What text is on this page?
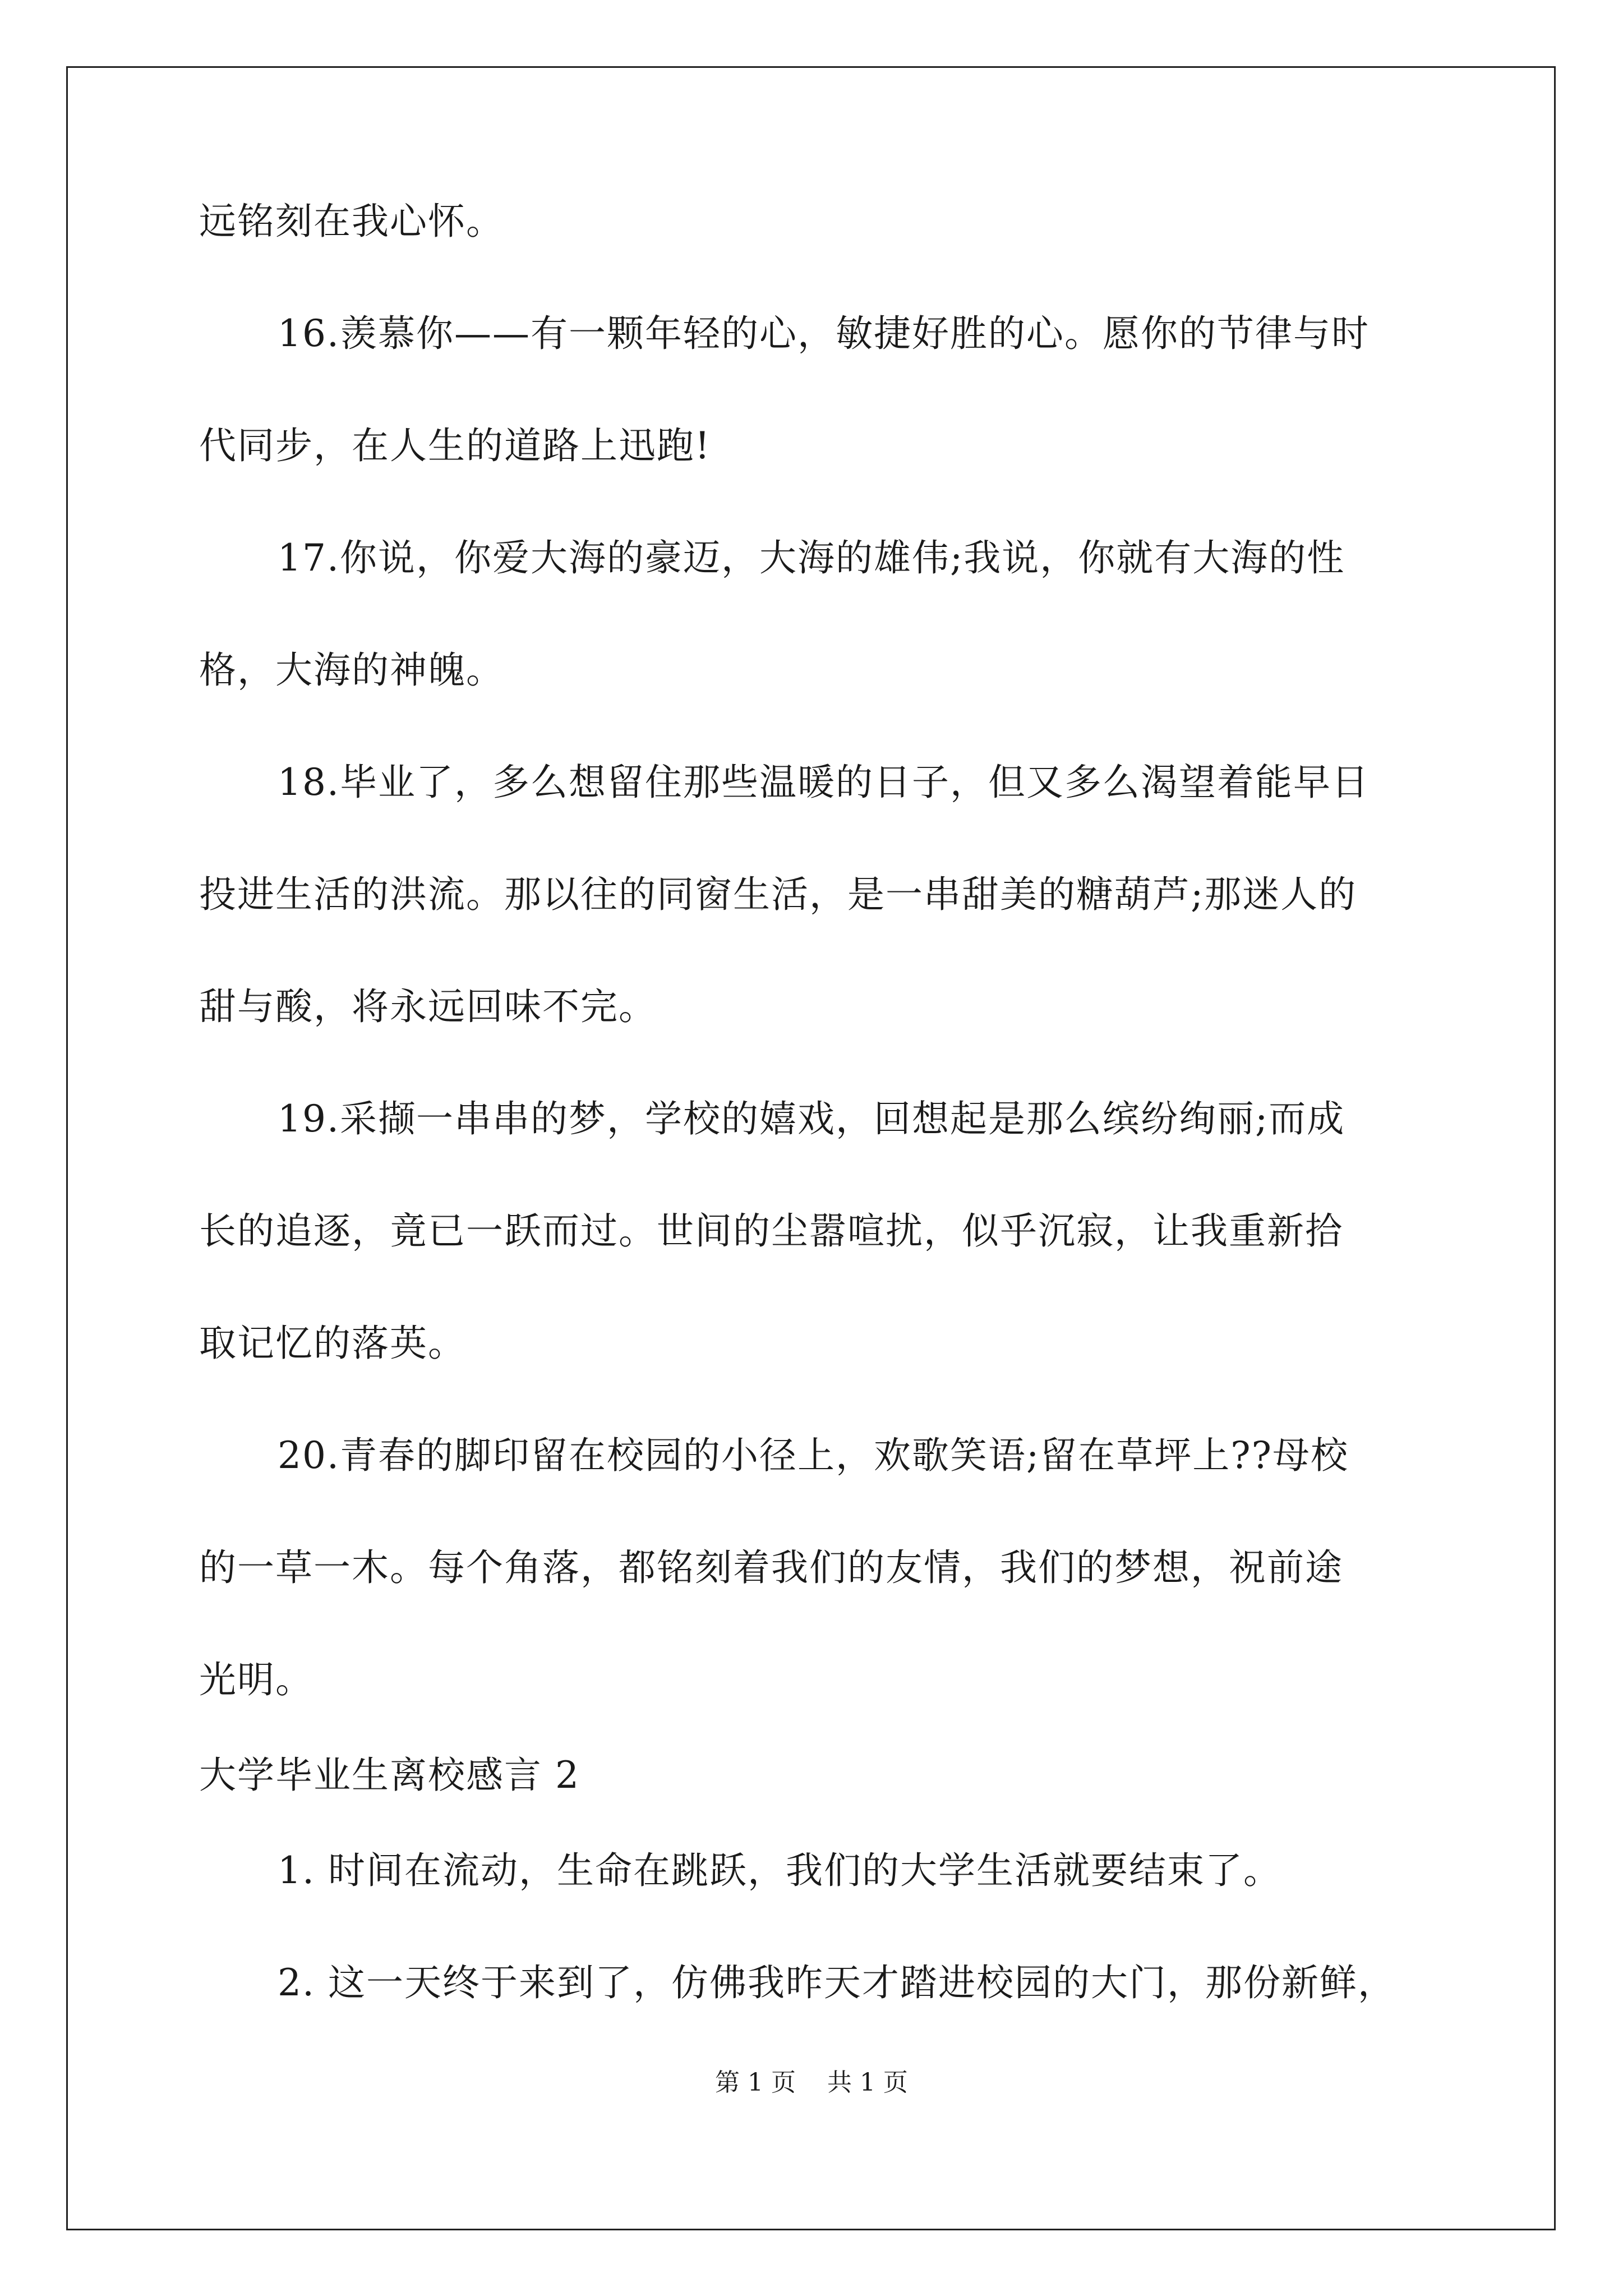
远铭刻在我心怀。
16.羡慕你——有一颗年轻的心，敏捷好胜的心。愿你的节律与时
代同步，在人生的道路上迅跑!
17.你说，你爱大海的豪迈，大海的雄伟;我说，你就有大海的性
格，大海的神魄。
18.毕业了，多么想留住那些温暖的日子，但又多么渴望着能早日
投进生活的洪流。那以往的同窗生活，是一串甜美的糖葫芦;那迷人的
甜与酸，将永远回味不完。
19.采撷一串串的梦，学校的嬉戏，回想起是那么缤纷绚丽;而成
长的追逐，竟已一跃而过。世间的尘嚣喧扰，似乎沉寂，让我重新拾
取记忆的落英。
20.青春的脚印留在校园的小径上，欢歌笑语;留在草坪上??母校
的一草一木。每个角落，都铭刻着我们的友情，我们的梦想，祝前途
光明。
大学毕业生离校感言 2
1. 时间在流动，生命在跳跃，我们的大学生活就要结束了。
2. 这一天终于来到了，仿佛我昨天才踏进校园的大门，那份新鲜，
第 1 页    共 1 页
